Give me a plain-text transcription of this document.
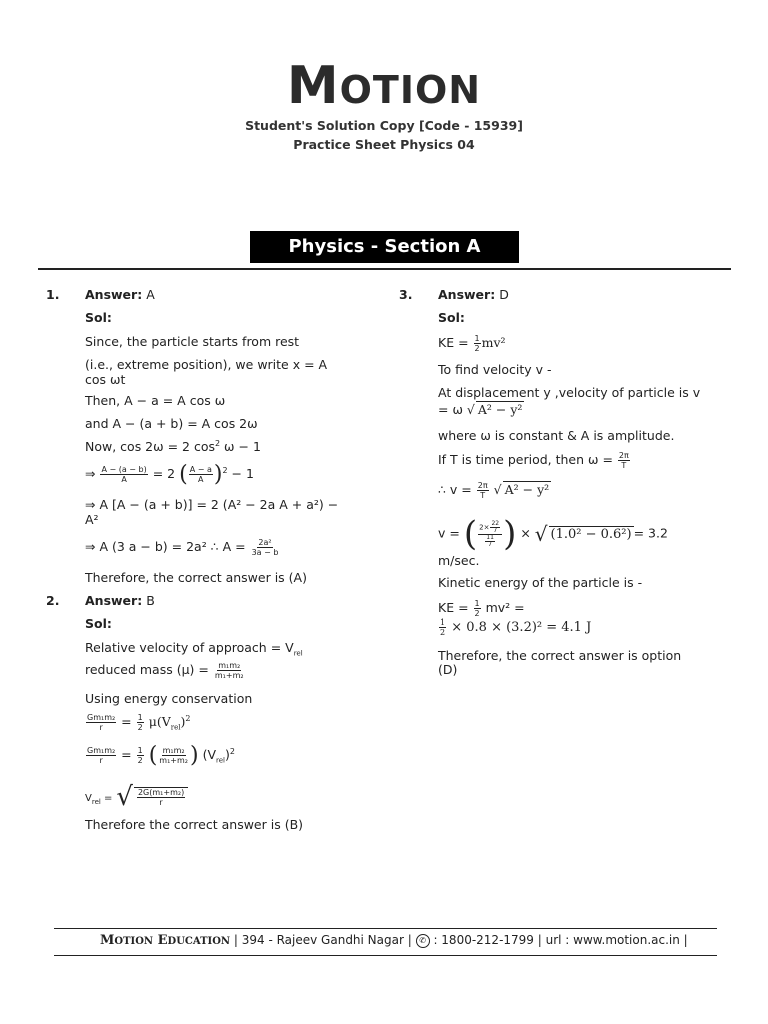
MOTION
Student's Solution Copy [Code - 15939]
Practice Sheet Physics 04
Physics - Section A
1. Answer: A
Sol:
Since, the particle starts from rest
(i.e., extreme position), we write x = A
cos ωt
Then, A − a = A cos ω
and A − (a + b) = A cos 2ω
Now, cos 2ω = 2 $\cos^2 \omega - 1$
⇒ $\frac{A - (a - b)}{A} = 2$ ( $\frac{A - a}{A} )^2 - 1$
⇒ A [A − (a + b)] = 2 (A² − 2a A + a²) −
A²
⇒ A (3 a − b) = 2a² ∴ $A = \frac{\text{2a²}}{3a - b}$
Therefore, the correct answer is (A)
2. Answer: B
Sol:
Relative velocity of approach = $V_{rel}$
reduced mass $(\mu) = \frac{\text{m₁m₂}}{\text{m₁+m₂}}$
Using energy conservation
$\frac{\text{Gm₁m₂}}{r} = \frac{1}{2} \mu(V_{rel})^2$
$\frac{\text{Gm₁m₂}}{r} = \frac{1}{2}$ ( $\frac{\text{m₁m₂}}{\text{m₁+m₂}}$ ) $(V_{rel})^2$
$V_{rel}$ = √ $\frac{\text{2G(m₁+m₂)}}{r}$
Therefore the correct answer is (B)
3. Answer: D
Sol:
KE = $\frac{1}{2} mv^2$
To find velocity v -
At displacement y ,velocity of particle is v
= ω √ A² − y²
where ω is constant & A is amplitude.
If T is time period, then $\omega = \frac{2\pi}{T}$
∴ $v = \frac{2\pi}{T}$ √ A² − y²
v = ( $\frac{2\times \frac{22}{7}}{\frac{11}{7}}$ ) × √ (1.0² − 0.6²) = 3.2
m/sec.
Kinetic energy of the particle is -
KE = $\frac{1}{2} mv^2$ =
$\frac{1}{2} \times 0.8 \times (3.2)^2 = 4.1$ J
Therefore, the correct answer is option
(D)
MOTION EDUCATION | 394 - Rajeev Gandhi Nagar | ✆ : 1800-212-1799 | url : www.motion.ac.in |
